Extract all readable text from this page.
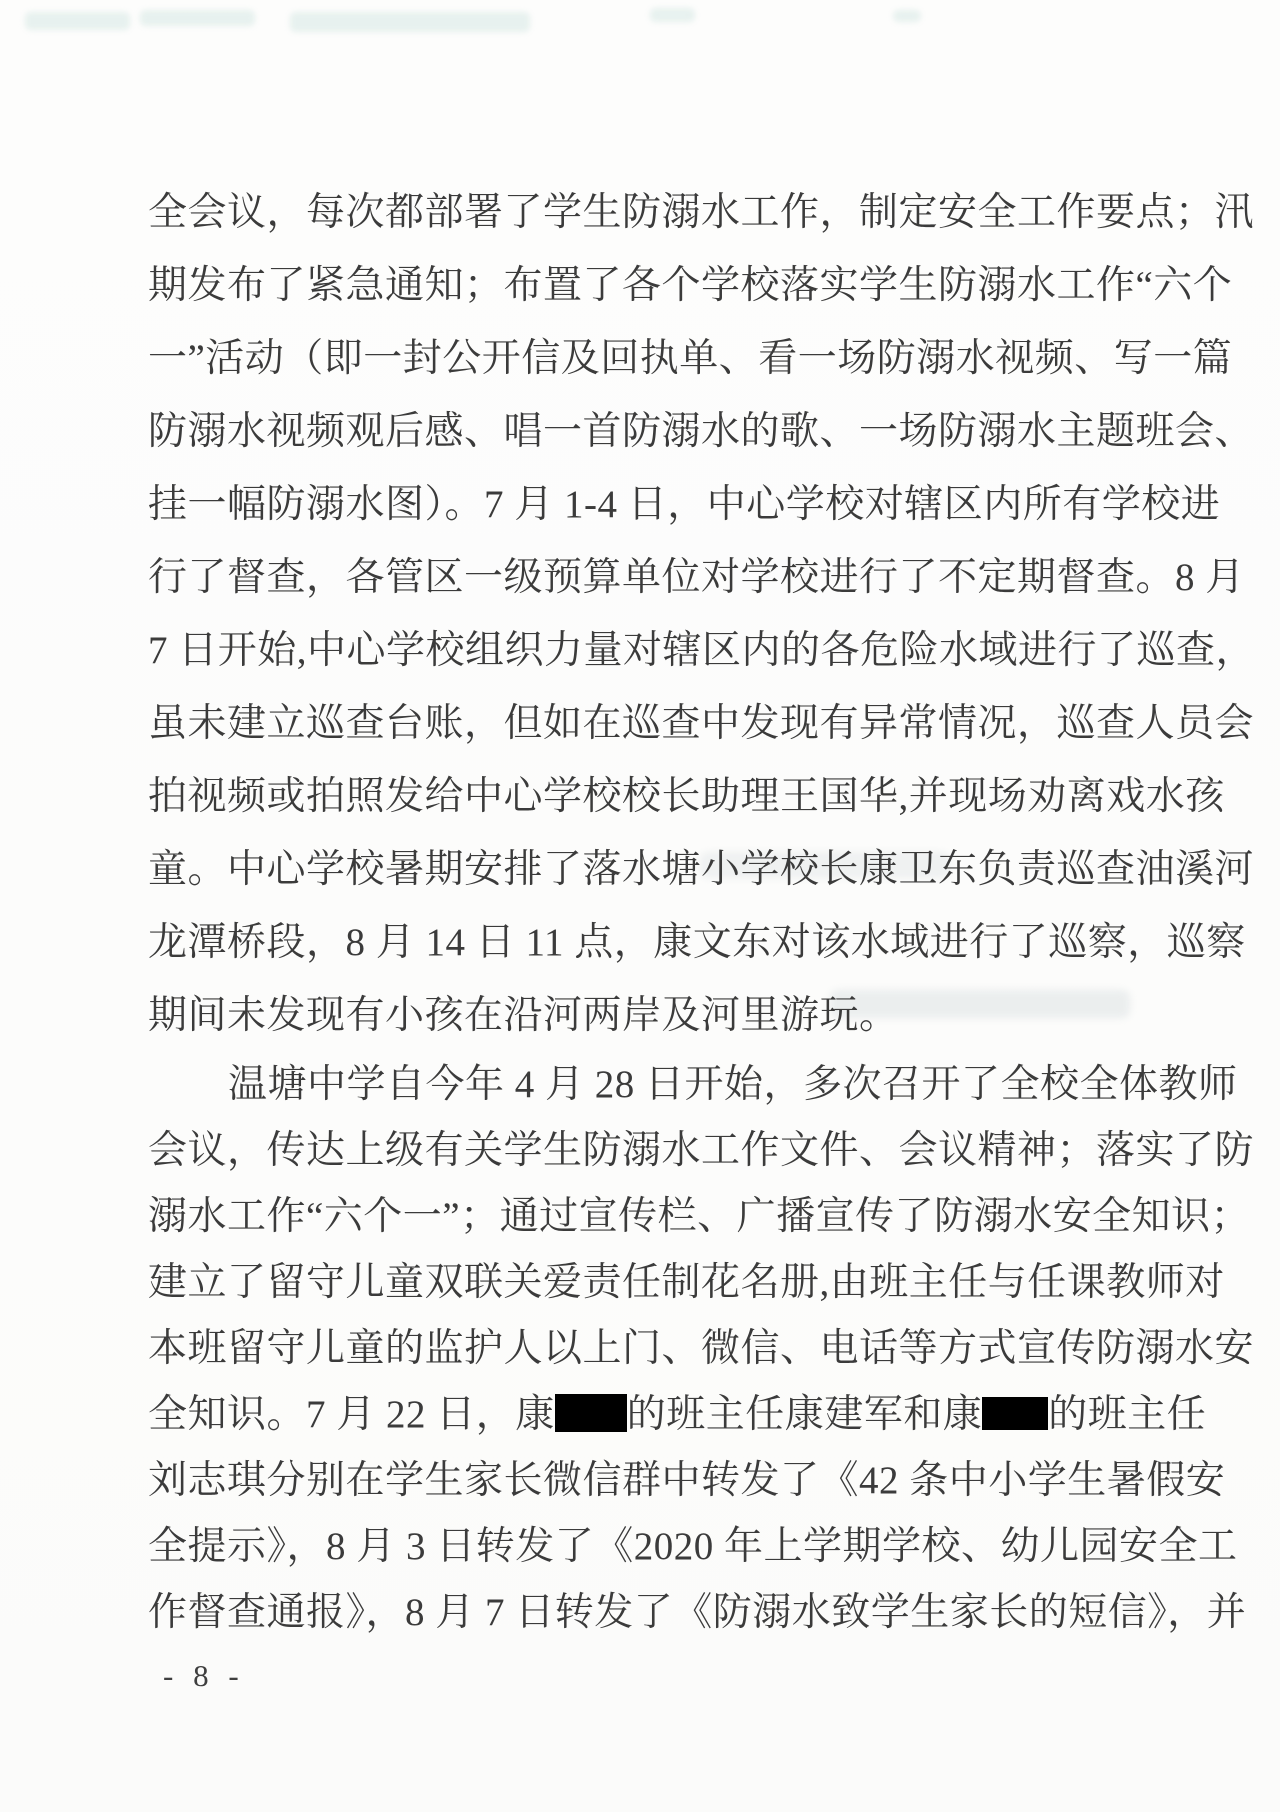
全会议，每次都部署了学生防溺水工作，制定安全工作要点；汛
期发布了紧急通知；布置了各个学校落实学生防溺水工作“六个
一”活动（即一封公开信及回执单、看一场防溺水视频、写一篇
防溺水视频观后感、唱一首防溺水的歌、一场防溺水主题班会、
挂一幅防溺水图）。7 月 1-4 日，中心学校对辖区内所有学校进
行了督查，各管区一级预算单位对学校进行了不定期督查。8 月
7 日开始,中心学校组织力量对辖区内的各危险水域进行了巡查，
虽未建立巡查台账，但如在巡查中发现有异常情况，巡查人员会
拍视频或拍照发给中心学校校长助理王国华,并现场劝离戏水孩
童。中心学校暑期安排了落水塘小学校长康卫东负责巡查油溪河
龙潭桥段，8 月 14 日 11 点，康文东对该水域进行了巡察，巡察
期间未发现有小孩在沿河两岸及河里游玩。
温塘中学自今年 4 月 28 日开始，多次召开了全校全体教师
会议，传达上级有关学生防溺水工作文件、会议精神；落实了防
溺水工作“六个一”；通过宣传栏、广播宣传了防溺水安全知识；
建立了留守儿童双联关爱责任制花名册,由班主任与任课教师对
本班留守儿童的监护人以上门、微信、电话等方式宣传防溺水安
全知识。7 月 22 日，康 的班主任康建军和康 的班主任
刘志琪分别在学生家长微信群中转发了《42 条中小学生暑假安
全提示》，8 月 3 日转发了《2020 年上学期学校、幼儿园安全工
作督查通报》，8 月 7 日转发了《防溺水致学生家长的短信》，并
- 8 -
